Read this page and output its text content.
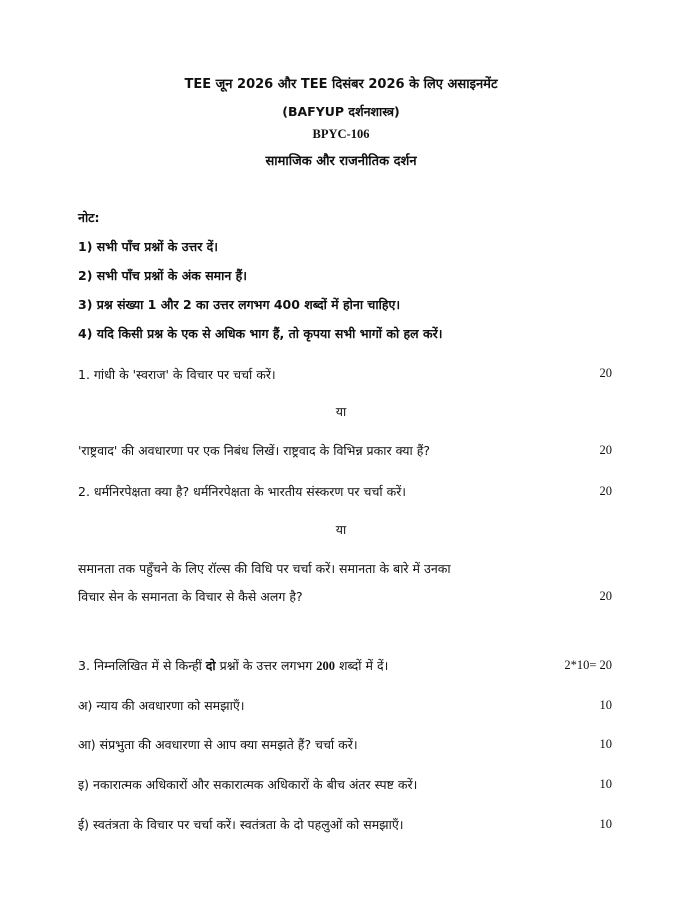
TEE जून 2026 और TEE दिसंबर 2026 के लिए असाइनमेंट
(BAFYUP दर्शनशास्त्र)
BPYC-106
सामाजिक और राजनीतिक दर्शन
नोट:
1) सभी पाँच प्रश्नों के उत्तर दें।
2) सभी पाँच प्रश्नों के अंक समान हैं।
3) प्रश्न संख्या 1 और 2 का उत्तर लगभग 400 शब्दों में होना चाहिए।
4) यदि किसी प्रश्न के एक से अधिक भाग हैं, तो कृपया सभी भागों को हल करें।
1. गांधी के 'स्वराज' के विचार पर चर्चा करें।	20
या
'राष्ट्रवाद' की अवधारणा पर एक निबंध लिखें। राष्ट्रवाद के विभिन्न प्रकार क्या हैं?	20
2. धर्मनिरपेक्षता क्या है? धर्मनिरपेक्षता के भारतीय संस्करण पर चर्चा करें।	20
या
समानता तक पहुँचने के लिए रॉल्स की विधि पर चर्चा करें। समानता के बारे में उनका
विचार सेन के समानता के विचार से कैसे अलग है?	20
3. निम्नलिखित में से किन्हीं दो प्रश्नों के उत्तर लगभग 200 शब्दों में दें।	2*10= 20
अ) न्याय की अवधारणा को समझाएँ।	10
आ) संप्रभुता की अवधारणा से आप क्या समझते हैं? चर्चा करें।	10
इ) नकारात्मक अधिकारों और सकारात्मक अधिकारों के बीच अंतर स्पष्ट करें।	10
ई) स्वतंत्रता के विचार पर चर्चा करें। स्वतंत्रता के दो पहलुओं को समझाएँ।	10
